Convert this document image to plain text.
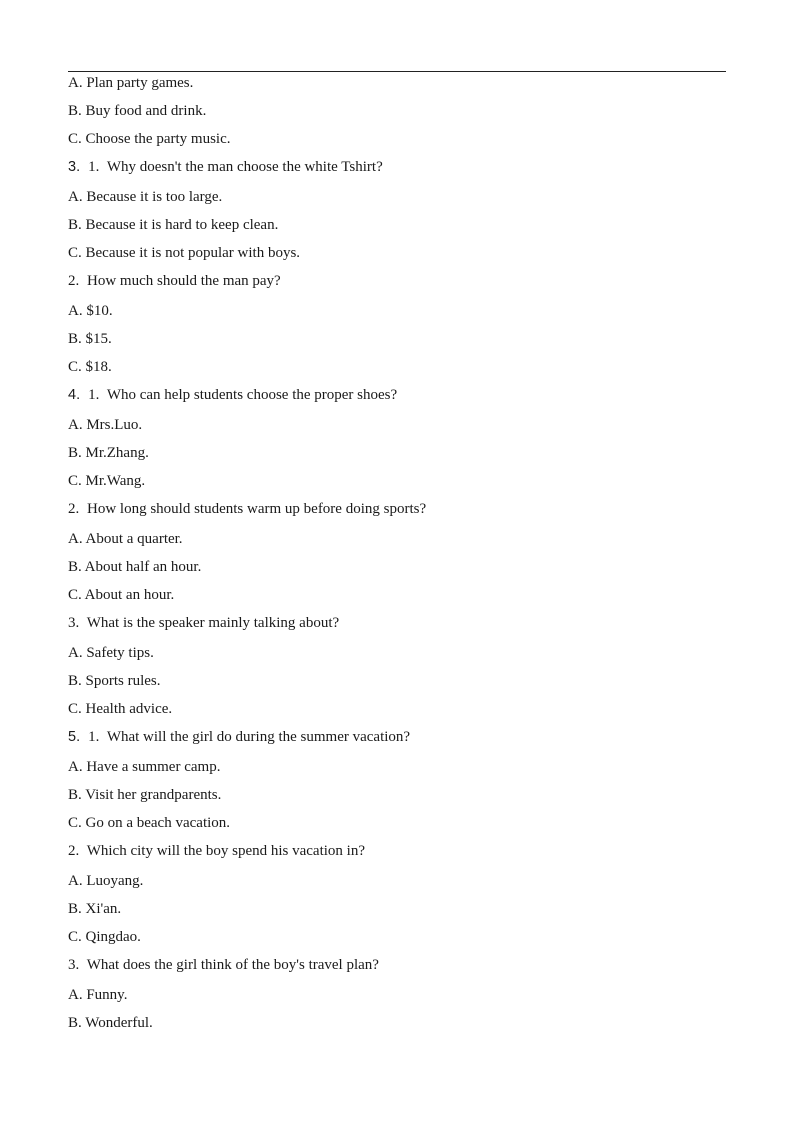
A. Plan party games.
B. Buy food and drink.
C. Choose the party music.
3. 1. Why doesn't the man choose the white Tshirt?
A. Because it is too large.
B. Because it is hard to keep clean.
C. Because it is not popular with boys.
2. How much should the man pay?
A. $10.
B. $15.
C. $18.
4. 1. Who can help students choose the proper shoes?
A. Mrs.Luo.
B. Mr.Zhang.
C. Mr.Wang.
2. How long should students warm up before doing sports?
A. About a quarter.
B. About half an hour.
C. About an hour.
3. What is the speaker mainly talking about?
A. Safety tips.
B. Sports rules.
C. Health advice.
5. 1. What will the girl do during the summer vacation?
A. Have a summer camp.
B. Visit her grandparents.
C. Go on a beach vacation.
2. Which city will the boy spend his vacation in?
A. Luoyang.
B. Xi'an.
C. Qingdao.
3. What does the girl think of the boy's travel plan?
A. Funny.
B. Wonderful.
